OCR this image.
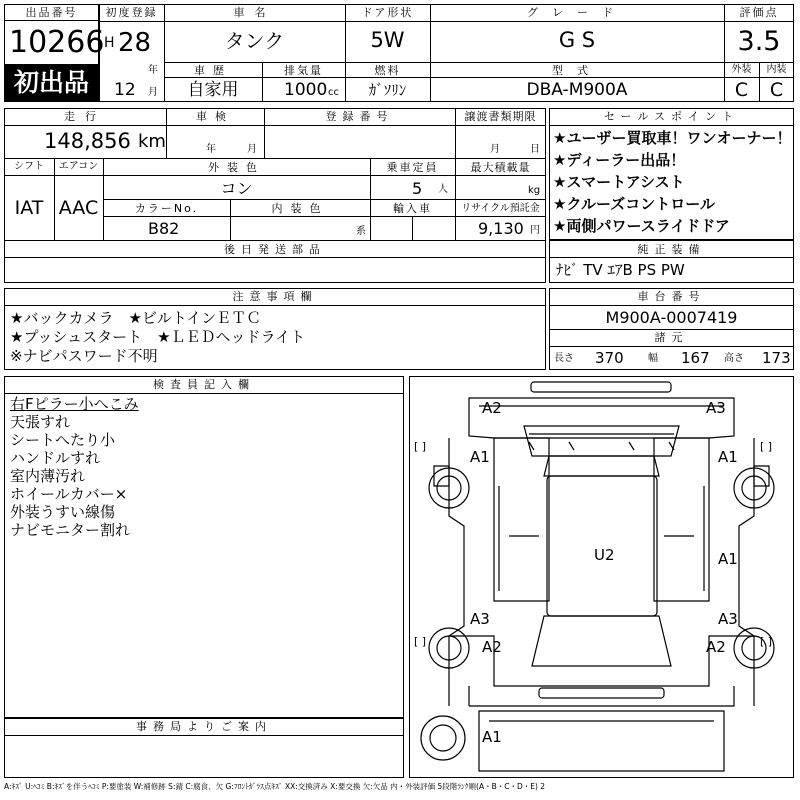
出品番号
10266
初出品
初度登録
H 28
年
12 月
車名
タンク
ドア形状
5W
グレード
G S
評価点
3.5
外装	内装
C	C
車歴
自家用
排気量
1000 cc
燃料
ｶﾞｿﾘﾝ
型式
DBA-M900A
走行
148,856 km
車検
年	月
登録番号	譲渡書類期限
月	日
シフト
IAT
エアコン
AAC
外装色
コン
乗車定員
5 人
最大積載量
kg
カラーNo.
B82
内装色
系
輸入車	リサイクル預託金
9,130 円
後日発送部品
セールスポイント
★ユーザー買取車！ワンオーナー！
★ディーラー出品！
★スマートアシスト
★クルーズコントロール
★両側パワースライドドア
純正装備
ﾅﾋﾞ TV ｴｱB PS PW
注意事項欄
★バックカメラ　★ビルトインＥＴＣ
★プッシュスタート　★ＬＥＤヘッドライト
※ナビパスワード不明
車台番号
M900A-0007419
諸元
長さ 370 幅 167 高さ 173
検査員記入欄
右Fピラー小へこみ
天張すれ
シートへたり小
ハンドルすれ
室内薄汚れ
ホイールカバー×
外装うすい線傷
ナビモニター割れ
事務局よりご案内
A2	A3
A1	A1
U2	A1
A3	A3
A2	A2
A1
[ ]	[ ]
[ ]	[ ]
A:ｷｽﾞ U:ﾍｺﾐ B:ｷｽﾞを伴うﾍｺﾐ P:要塗装 W:補修跡 S:錆 C:腐食、欠 G:ﾌﾛﾝﾄｶﾞﾗｽ点ｷｽﾞ XX:交換済み X:要交換 欠:欠品 内・外装評価 5段階ﾗﾝｸ順(A・B・C・D・E) 2
